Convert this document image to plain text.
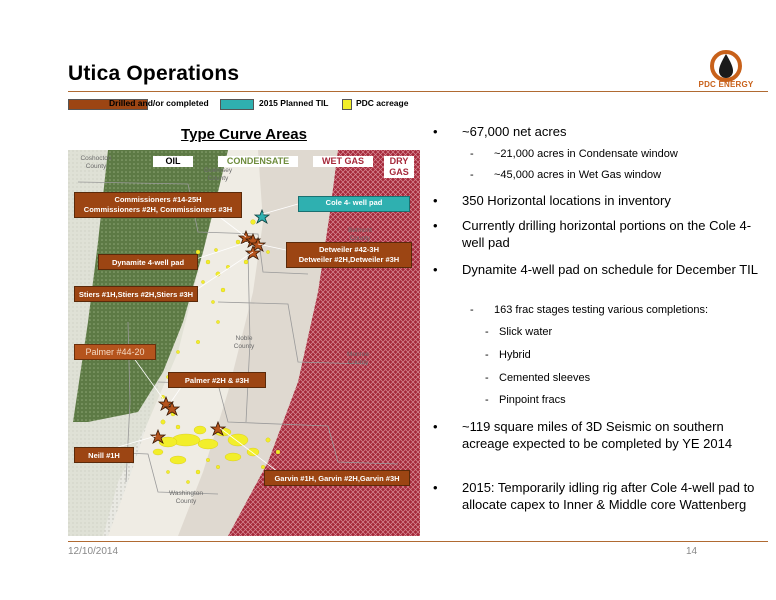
Utica Operations	PDC ENERGY
Drilled and/or completed	2015 Planned TIL	PDC acreage
Coshocton
County
Guernsey
County
Belmont
County
Noble
County
Monroe
County
Washington
County
Type Curve Areas
OIL	CONDENSATE	WET GAS	DRY GAS
Commissioners #14-25H
Commissioners #2H, Commissioners #3H
Cole 4- well pad
Dynamite 4-well pad
Detweiler #42-3H
Detweiler #2H,Detweiler #3H
Stiers #1H,Stiers #2H,Stiers #3H
Palmer #44-20
Palmer #2H & #3H
Neill #1H
Garvin #1H, Garvin #2H,Garvin #3H
~67,000 net acres
- ~21,000 acres in Condensate window
- ~45,000 acres in Wet Gas window
350 Horizontal locations in inventory
Currently drilling horizontal portions on the Cole 4-well pad
Dynamite 4-well pad on schedule for December TIL
- 163 frac stages testing various completions:
- Slick water
- Hybrid
- Cemented sleeves
- Pinpoint fracs
~119 square miles of 3D Seismic on southern acreage expected to be completed by YE 2014
2015: Temporarily idling rig after Cole 4-well pad to allocate capex to Inner & Middle core Wattenberg
12/10/2014	14
